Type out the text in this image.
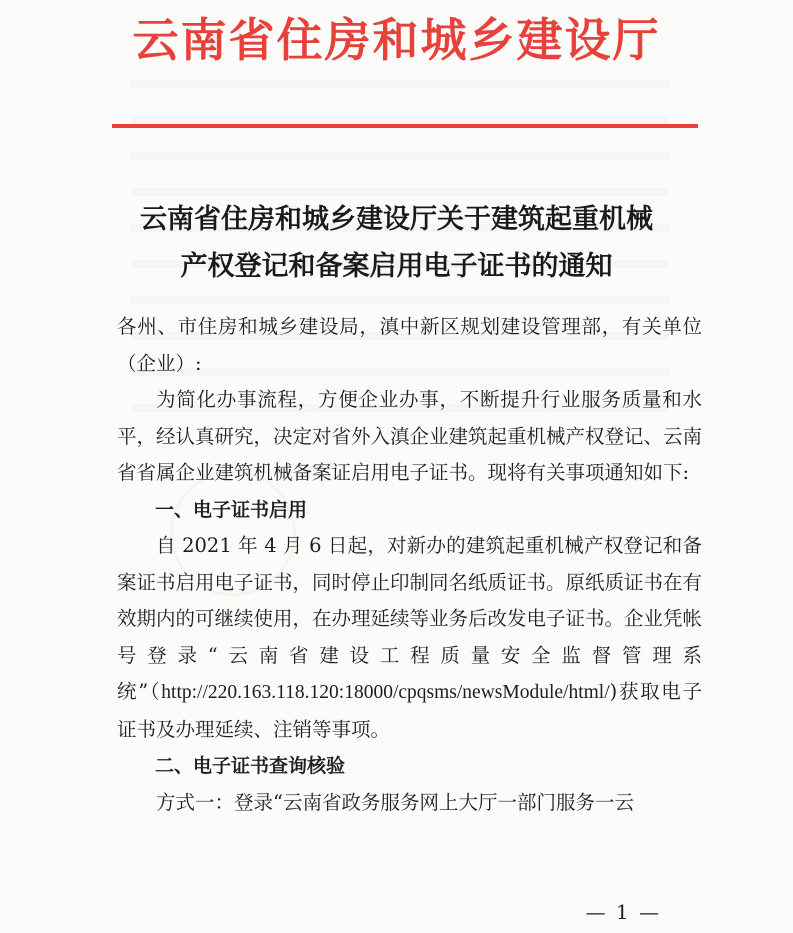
云南省住房和城乡建设厅
云南省住房和城乡建设厅关于建筑起重机械
产权登记和备案启用电子证书的通知

各州、市住房和城乡建设局，滇中新区规划建设管理部，有关单位（企业）:

为简化办事流程，方便企业办事，不断提升行业服务质量和水平，经认真研究，决定对省外入滇企业建筑起重机械产权登记、云南省省属企业建筑机械备案证启用电子证书。现将有关事项通知如下:

一、电子证书启用

自 2021 年 4 月 6 日起，对新办的建筑起重机械产权登记和备案证书启用电子证书，同时停止印制同名纸质证书。原纸质证书在有效期内的可继续使用，在办理延续等业务后改发电子证书。企业凭帐号登录“云南省建设工程质量安全监督管理系统”（http://220.163.118.120:18000/cpqsms/newsModule/html/)获取电子证书及办理延续、注销等事项。

二、电子证书查询核验

方式一：登录“云南省政务服务网上大厅一部门服务一云

— 1 —
